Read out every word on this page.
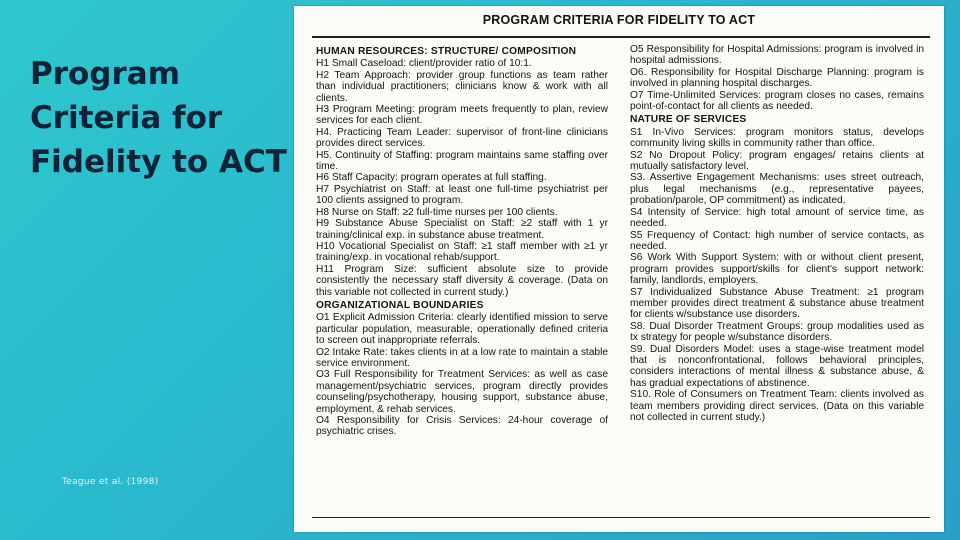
Program
Criteria for
Fidelity to ACT
Teague et al. (1998)
PROGRAM CRITERIA FOR FIDELITY TO ACT

HUMAN RESOURCES: STRUCTURE/ COMPOSITION

H1 Small Caseload: client/provider ratio of 10:1.

H2 Team Approach: provider group functions as team rather than individual practitioners; clinicians know & work with all clients.

H3 Program Meeting: program meets frequently to plan, review services for each client.

H4. Practicing Team Leader: supervisor of front-line clinicians provides direct services.

H5. Continuity of Staffing: program maintains same staffing over time.

H6 Staff Capacity: program operates at full staffing.

H7 Psychiatrist on Staff: at least one full-time psychiatrist per 100 clients assigned to program.

H8 Nurse on Staff: ≥2 full-time nurses per 100 clients.

H9 Substance Abuse Specialist on Staff: ≥2 staff with 1 yr training/clinical exp. in substance abuse treatment.

H10 Vocational Specialist on Staff: ≥1 staff member with ≥1 yr training/exp. in vocational rehab/support.

H11 Program Size: sufficient absolute size to provide consistently the necessary staff diversity & coverage. (Data on this variable not collected in current study.)

ORGANIZATIONAL BOUNDARIES

O1 Explicit Admission Criteria: clearly identified mission to serve particular population, measurable, operationally defined criteria to screen out inappropriate referrals.

O2 Intake Rate: takes clients in at a low rate to maintain a stable service environment.

O3 Full Responsibility for Treatment Services: as well as case management/psychiatric services, program directly provides counseling/psychotherapy, housing support, substance abuse, employment, & rehab services.

O4 Responsibility for Crisis Services: 24-hour coverage of psychiatric crises.

O5 Responsibility for Hospital Admissions: program is involved in hospital admissions.

O6. Responsibility for Hospital Discharge Planning: program is involved in planning hospital discharges.

O7 Time-Unlimited Services: program closes no cases, remains point-of-contact for all clients as needed.

NATURE OF SERVICES

S1 In-Vivo Services: program monitors status, develops community living skills in community rather than office.

S2 No Dropout Policy: program engages/ retains clients at mutually satisfactory level.

S3. Assertive Engagement Mechanisms: uses street outreach, plus legal mechanisms (e.g., representative payees, probation/parole, OP commitment) as indicated.

S4 Intensity of Service: high total amount of service time, as needed.

S5 Frequency of Contact: high number of service contacts, as needed.

S6 Work With Support System: with or without client present, program provides support/skills for client's support network: family, landlords, employers.

S7 Individualized Substance Abuse Treatment: ≥1 program member provides direct treatment & substance abuse treatment for clients w/substance use disorders.

S8. Dual Disorder Treatment Groups: group modalities used as tx strategy for people w/substance disorders.

S9. Dual Disorders Model: uses a stage-wise treatment model that is nonconfrontational, follows behavioral principles, considers interactions of mental illness & substance abuse, & has gradual expectations of abstinence.

S10. Role of Consumers on Treatment Team: clients involved as team members providing direct services. (Data on this variable not collected in current study.)
